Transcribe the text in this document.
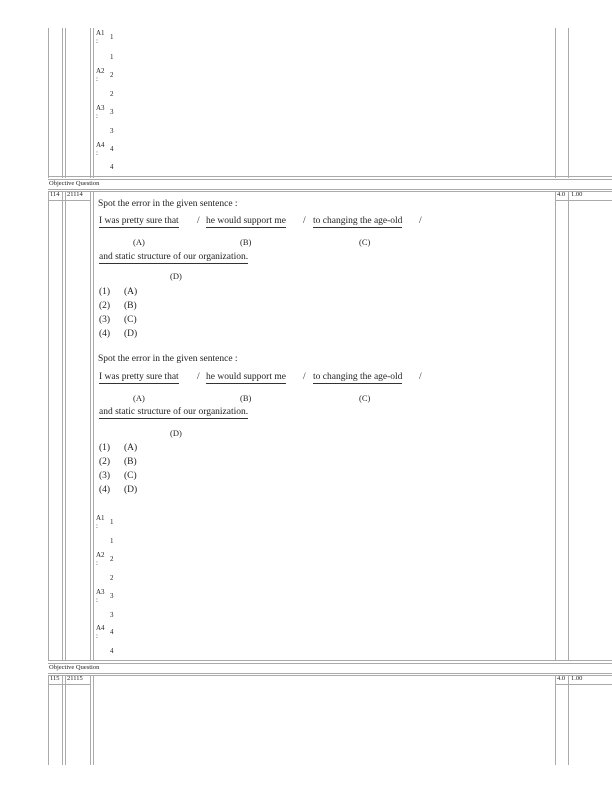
Objective Question
114 21114	4.0 1.00
Objective Question
115 21115	4.0 1.00
A1
: 1
1
A2
: 2
2
A3
: 3
3
A4
: 4
4
Spot the error in the given sentence :
I was pretty sure that / he would support me / to changing the age-old /
(A)	(B)	(C)
and static structure of our organization.
(D)
(1) (A)
(2) (B)
(3) (C)
(4) (D)
Spot the error in the given sentence :
I was pretty sure that / he would support me / to changing the age-old /
(A)	(B)	(C)
and static structure of our organization.
(D)
(1) (A)
(2) (B)
(3) (C)
(4) (D)
A1
: 1
1
A2
: 2
2
A3
: 3
3
A4
: 4
4
